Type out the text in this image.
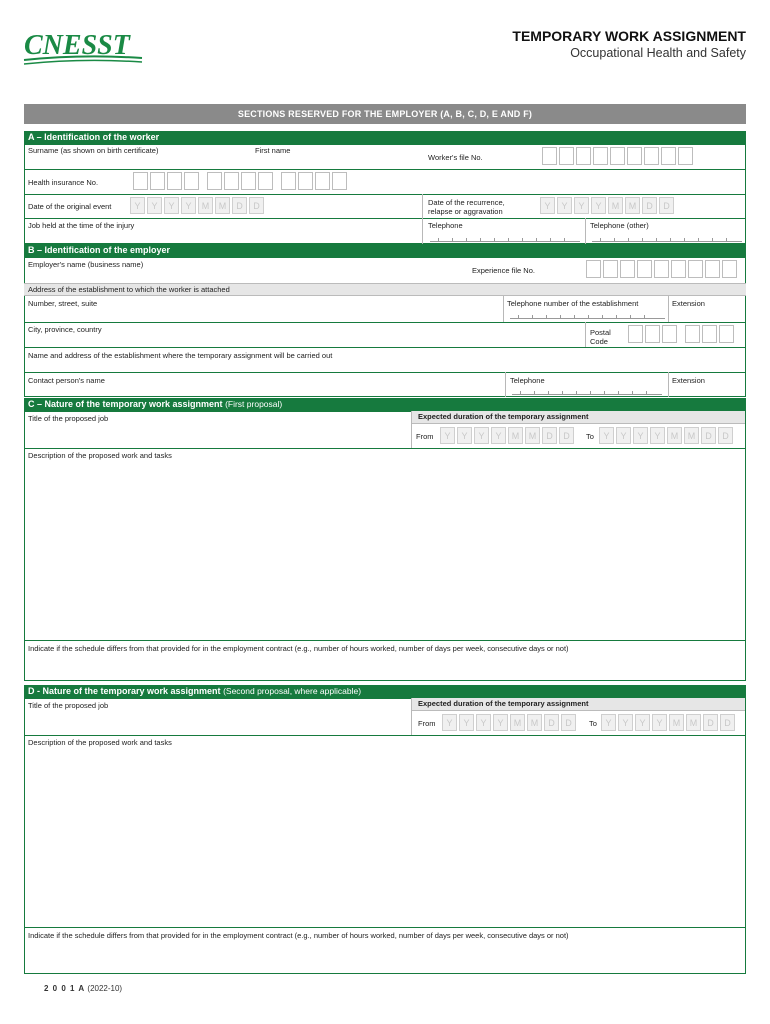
CNESST	TEMPORARY WORK ASSIGNMENT
Occupational Health and Safety
SECTIONS RESERVED FOR THE EMPLOYER (A, B, C, D, E AND F)
A – Identification of the worker
Surname (as shown on birth certificate)	First name
Worker's file No.
Health insurance No.
Date of the original event	Y	Y	Y	Y	M	M	D	D	Date of the recurrence,
relapse or aggravation
Y	Y	Y	Y	M	M	D	D
Job held at the time of the injury	Telephone	Telephone (other)
B – Identification of the employer
Employer's name (business name)
Experience file No.
Address of the establishment to which the worker is attached
Number, street, suite	Telephone number of the establishment	Extension
City, province, country	Postal
Code
Name and address of the establishment where the temporary assignment will be carried out
Contact person's name	Telephone	Extension
C – Nature of the temporary work assignment (First proposal)
Title of the proposed job	Expected duration of the temporary assignment
From	Y	Y	Y	Y	M	M	D	D	To	Y	Y	Y	Y	M	M	D	D
Description of the proposed work and tasks
Indicate if the schedule differs from that provided for in the employment contract (e.g., number of hours worked, number of days per week, consecutive days or not)
D - Nature of the temporary work assignment (Second proposal, where applicable)
Title of the proposed job	Expected duration of the temporary assignment
From	Y	Y	Y	Y	M	M	D	D	To Y	Y	Y	Y	M	M	D	D
Description of the proposed work and tasks
Indicate if the schedule differs from that provided for in the employment contract (e.g., number of hours worked, number of days per week, consecutive days or not)
2 0 0 1 A (2022-10)
